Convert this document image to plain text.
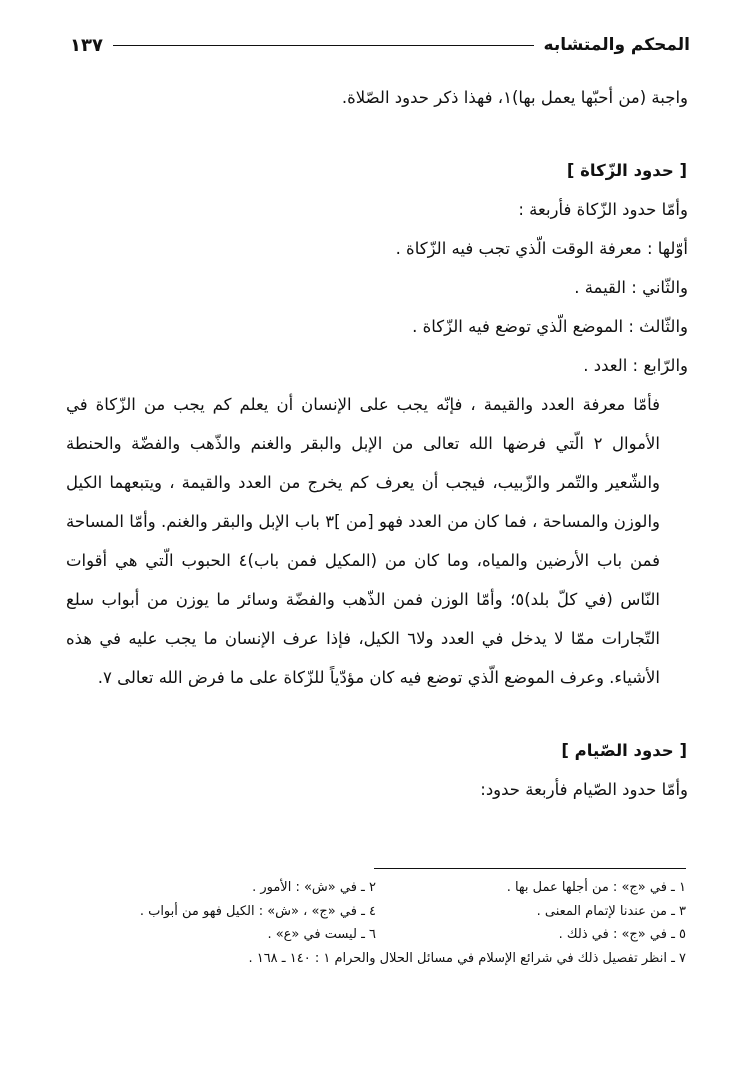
المحكم والمتشابه
١٣٧

واجبة (من أحبّها يعمل بها)١، فهذا ذكر حدود الصّلاة.

[ حدود الزّكاة ]

وأمّا حدود الزّكاة فأربعة :

أوّلها : معرفة الوقت الّذي تجب فيه الزّكاة .

والثّاني : القيمة .

والثّالث : الموضع الّذي توضع فيه الزّكاة .

والرّابع : العدد .

فأمّا معرفة العدد والقيمة ، فإنّه يجب على الإنسان أن يعلم كم يجب من الزّكاة في الأموال ٢ الّتي فرضها الله تعالى من الإبل والبقر والغنم والذّهب والفضّة والحنطة والشّعير والتّمر والزّبيب، فيجب أن يعرف كم يخرج من العدد والقيمة ، ويتبعهما الكيل والوزن والمساحة ، فما كان من العدد فهو [من ]٣ باب الإبل والبقر والغنم. وأمّا المساحة فمن باب الأرضين والمياه، وما كان من (المكيل فمن باب)٤ الحبوب الّتي هي أقوات النّاس (في كلّ بلد)٥؛ وأمّا الوزن فمن الذّهب والفضّة وسائر ما يوزن من أبواب سلع التّجارات ممّا لا يدخل في العدد ولا٦ الكيل، فإذا عرف الإنسان ما يجب عليه في هذه الأشياء. وعرف الموضع الّذي توضع فيه كان مؤدّياً للزّكاة على ما فرض الله تعالى ٧.

[ حدود الصّيام ]

وأمّا حدود الصّيام فأربعة حدود:

١ ـ في «ج» : من أجلها عمل بها .
٢ ـ في «ش» : الأمور .
٣ ـ من عندنا لإتمام المعنى .
٤ ـ في «ج» ، «ش» : الكيل فهو من أبواب .
٥ ـ في «ج» : في ذلك .
٦ ـ ليست في «ع» .
٧ ـ انظر تفصيل ذلك في شرائع الإسلام في مسائل الحلال والحرام ١ : ١٤٠ ـ ١٦٨ .
